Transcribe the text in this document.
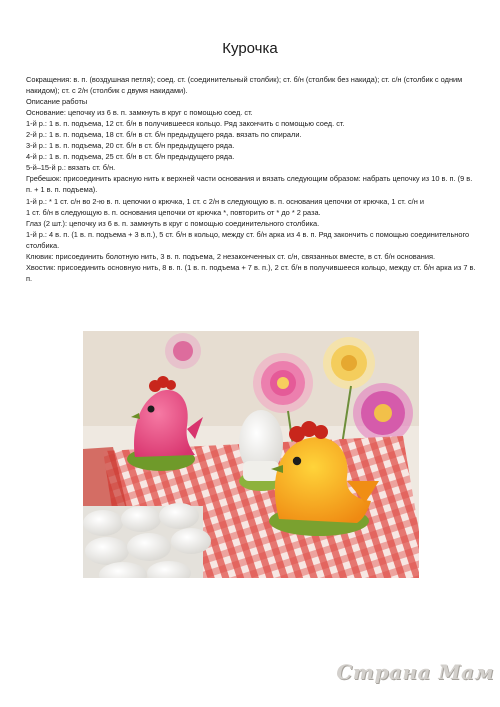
Курочка

Сокращения: в. п. (воздушная петля); соед. ст. (соединительный столбик); ст. б/н (столбик без накида); ст. с/н (столбик с одним накидом); ст. с 2/н (столбик с двумя накидами).

Описание работы

Основание: цепочку из 6 в. п. замкнуть в круг с помощью соед. ст.

1-й р.: 1 в. п. подъема, 12 ст. б/н в получившееся кольцо. Ряд закончить с помощью соед. ст.

2-й р.: 1 в. п. подъема, 18 ст. б/н в ст. б/н предыдущего ряда. вязать по спирали.

3-й р.: 1 в. п. подъема, 20 ст. б/н в ст. б/н предыдущего ряда.

4-й р.: 1 в. п. подъема, 25 ст. б/н в ст. б/н предыдущего ряда.

5-й–15-й р.: вязать ст. б/н.

Гребешок: присоединить красную нить к верхней части основания и вязать следующим образом: набрать цепочку из 10 в. п. (9 в. п. + 1 в. п. подъема).

1-й р.: * 1 ст. с/н во 2-ю в. п. цепочки о крючка, 1 ст. с 2/н в следующую в. п. основания цепочки от крючка, 1 ст. с/н и

1 ст. б/н в следующую в. п. основания цепочки от крючка *, повторить от * до * 2 раза.

Глаз (2 шт.): цепочку из 6 в. п. замкнуть в круг с помощью соединительного столбика.

1-й р.: 4 в. п. (1 в. п. подъема + 3 в.п.), 5 ст. б/н в кольцо, между ст. б/н арка из 4 в. п. Ряд закончить с помощью соединительного столбика.

Клювик: присоединить болотную нить, 3 в. п. подъема, 2 незаконченных ст. с/н, связанных вместе, в ст. б/н основания.

Хвостик: присоединить основную нить, 8 в. п. (1 в. п. подъема + 7 в. п.), 2 ст. б/н в получившееся кольцо, между ст. б/н арка из 7 в. п.

Страна Мам
